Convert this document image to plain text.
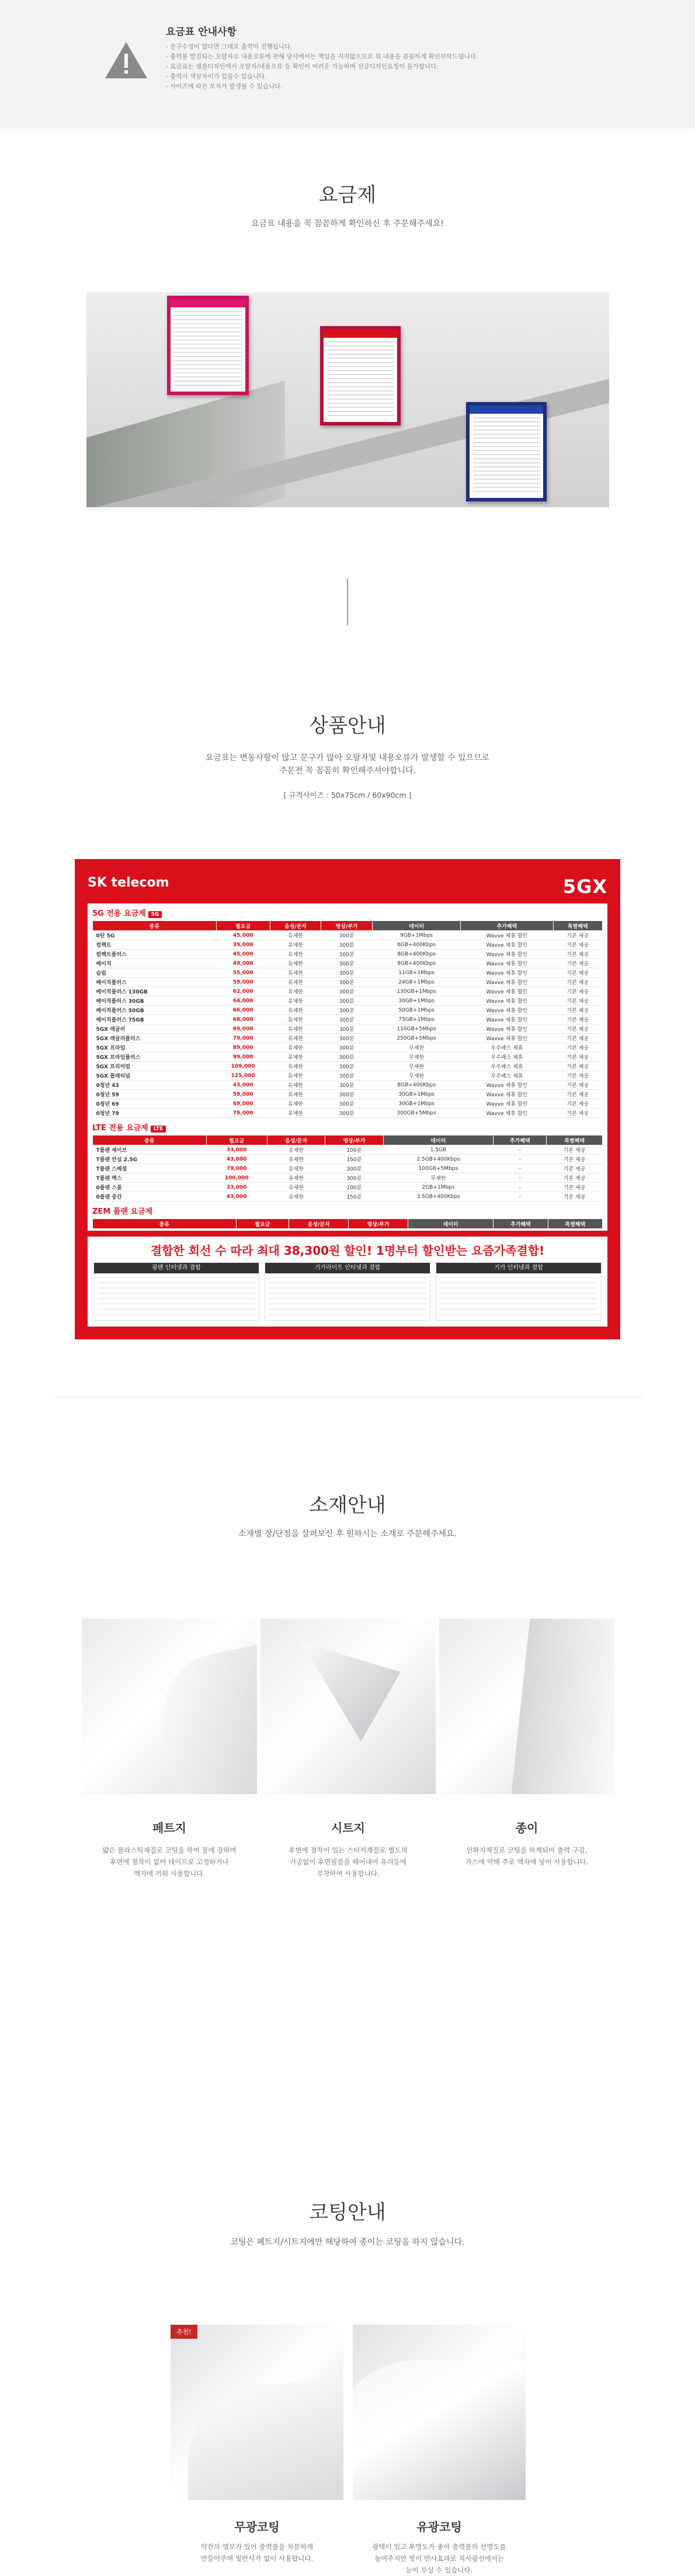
요금표 안내사항
- 문구수정이 없다면 그대로 출력이 진행됩니다.
- 출력물 발견되는 오탈자로 내용오류에 관해 당사에서는 책임을 지지않으므로 위 내용을 꼼꼼하게 확인부탁드립니다.
- 요금표는 샘플디자인에서 오탈자/내용오류 등 확인이 어려운 가능하며 선금디자인요청이 불가합니다.
- 출력시 색상차이가 있을수 있습니다.
- 사이즈에 따른 오차가 발생될 수 있습니다.
요금제

요금표 내용을 꼭 꼼꼼하게 확인하신 후 주문해주세요!

상품안내

요금표는 변동사항이 많고 문구가 많아 오탈자및 내용오류가 발생할 수 있으므로

주문전 꼭 꼼꼼히 확인해주셔야합니다.

[ 규격사이즈 : 50x75cm / 60x90cm ]

SK telecom	5GX
5G 전용 요금제 5G
종류	월요금	음성/문자	영상/부가	데이터	추가혜택	특별혜택
0틴 5G	45,000	유제한	300분	9GB+1Mbps	Wavve 제휴 할인	기본 제공
컴팩트	39,000	유제한	300분	6GB+400Kbps	Wavve 제휴 할인	기본 제공
컴팩트플러스	45,000	유제한	300분	8GB+400Kbps	Wavve 제휴 할인	기본 제공
베이직	49,000	유제한	300분	8GB+400Kbps	Wavve 제휴 할인	기본 제공
슬림	55,000	유제한	300분	11GB+1Mbps	Wavve 제휴 할인	기본 제공
베이직플러스	59,000	유제한	300분	24GB+1Mbps	Wavve 제휴 할인	기본 제공
베이직플러스 130GB	62,000	유제한	300분	130GB+1Mbps	Wavve 제휴 할인	기본 제공
베이직플러스 30GB	64,000	유제한	300분	30GB+1Mbps	Wavve 제휴 할인	기본 제공
베이직플러스 50GB	66,000	유제한	300분	50GB+1Mbps	Wavve 제휴 할인	기본 제공
베이직플러스 75GB	68,000	유제한	300분	75GB+1Mbps	Wavve 제휴 할인	기본 제공
5GX 레귤러	69,000	유제한	300분	110GB+5Mbps	Wavve 제휴 할인	기본 제공
5GX 레귤러플러스	79,000	유제한	300분	250GB+5Mbps	Wavve 제휴 할인	기본 제공
5GX 프라임	89,000	유제한	300분	무제한	우주패스 제휴	기본 제공
5GX 프라임플러스	99,000	유제한	300분	무제한	우주패스 제휴	기본 제공
5GX 프리미엄	109,000	유제한	300분	무제한	우주패스 제휴	기본 제공
5GX 플래티넘	125,000	유제한	300분	무제한	우주패스 제휴	기본 제공
0청년 43	43,000	유제한	300분	8GB+400Kbps	Wavve 제휴 할인	기본 제공
0청년 59	59,000	유제한	300분	30GB+1Mbps	Wavve 제휴 할인	기본 제공
0청년 69	69,000	유제한	300분	30GB+1Mbps	Wavve 제휴 할인	기본 제공
0청년 79	79,000	유제한	300분	300GB+5Mbps	Wavve 제휴 할인	기본 제공
LTE 전용 요금제 LTE
종류	월요금	음성/문자	영상/부가	데이터	추가혜택	특별혜택
T플랜 세이브	33,000	유제한	100분	1.5GB	-	기본 제공
T플랜 안심 2.5G	43,000	유제한	150분	2.5GB+400Kbps	-	기본 제공
T플랜 스페셜	79,000	유제한	300분	100GB+5Mbps	-	기본 제공
T플랜 맥스	100,000	유제한	300분	무제한	-	기본 제공
0플랜 스몰	33,000	유제한	100분	2GB+1Mbps	-	기본 제공
0플랜 중간	43,000	유제한	150분	3.5GB+400Kbps	-	기본 제공
ZEM 플랜 요금제
종류	월요금	음성/문자	영상/부가	데이터	추가혜택	특별혜택

결합한 회선 수 따라 최대 38,300원 할인! 1명부터 할인받는 요즘가족결합!
광랜 인터넷과 결합	기가라이트 인터넷과 결합	기가 인터넷과 결합
소재안내

소재별 장/단점을 살펴보신 후 원하시는 소재로 주문해주세요.

페트지	시트지	종이
얇은 플라스틱재질로 코팅을 하여 물에 강하며
후면에 점착이 없어 테이프로 고정하거나
액자에 끼워 사용합니다.
후면에 점착이 있는 스티커재질로 별도의
가공없이 후면필름을 떼어내어 유리등에
부착하여 사용합니다.
인화지재질로 코팅을 하게되어 출력 구김,
가스에 약해 주로 액자에 넣어 사용합니다.
코팅안내

코팅은 페트지/시트지에만 해당하여 종이는 코팅을 하지 않습니다.

추천!
무광코팅	유광코팅
약간의 엠보가 있어 출력물을 차분하게
만들어주며 빛반사가 없이 사용합니다.
광택이 있고 투명도가 좋아 출력물의 선명도를
높여주지만 빛이 반사효과로 직사광선에서는
눈이 부실 수 있습니다.
